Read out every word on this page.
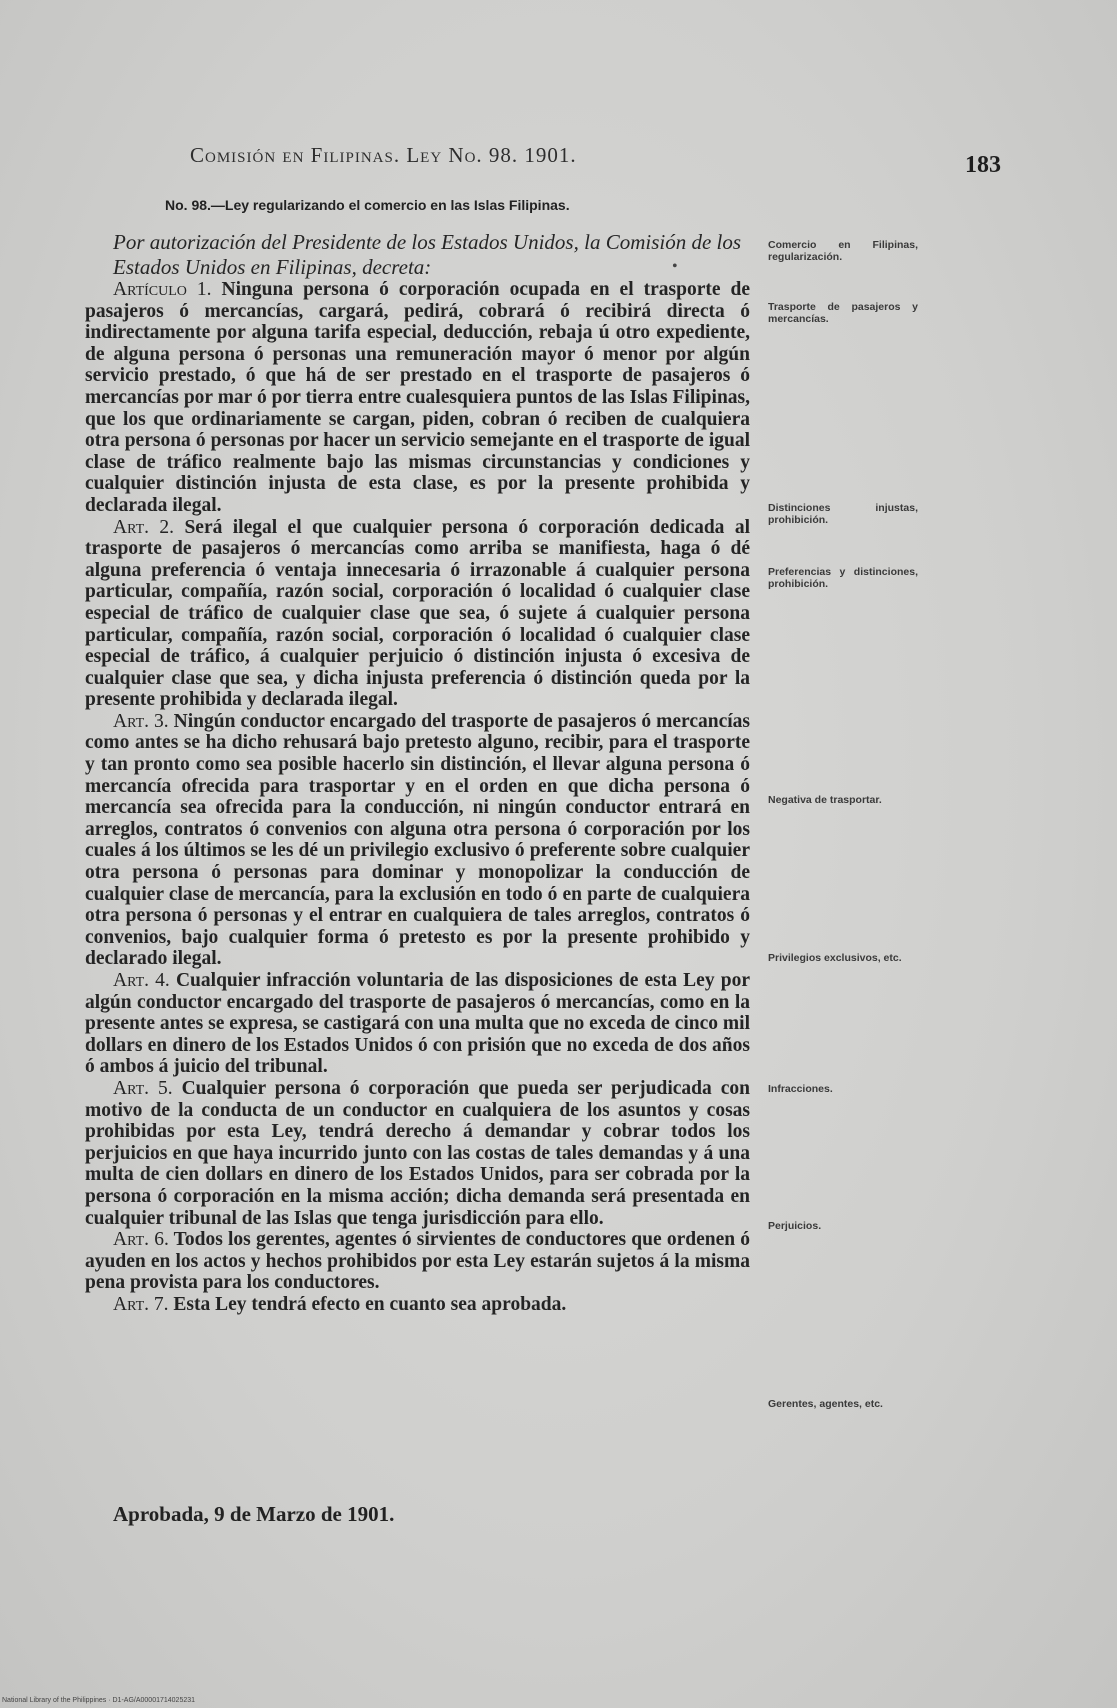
Comisión en Filipinas. Ley No. 98. 1901.	183
No. 98.—Ley regularizando el comercio en las Islas Filipinas.
Por autorización del Presidente de los Estados Unidos, la Comisión de los Estados Unidos en Filipinas, decreta:	•

Artículo 1. Ninguna persona ó corporación ocupada en el trasporte de pasajeros ó mercancías, cargará, pedirá, cobrará ó recibirá directa ó indirectamente por alguna tarifa especial, deducción, rebaja ú otro expediente, de alguna persona ó personas una remuneración mayor ó menor por algún servicio prestado, ó que há de ser prestado en el trasporte de pasajeros ó mercancías por mar ó por tierra entre cualesquiera puntos de las Islas Filipinas, que los que ordinariamente se cargan, piden, cobran ó reciben de cualquiera otra persona ó personas por hacer un servicio semejante en el trasporte de igual clase de tráfico realmente bajo las mismas circunstancias y condiciones y cualquier distinción injusta de esta clase, es por la presente prohibida y declarada ilegal.

Art. 2. Será ilegal el que cualquier persona ó corporación dedicada al trasporte de pasajeros ó mercancías como arriba se manifiesta, haga ó dé alguna preferencia ó ventaja innecesaria ó irrazonable á cualquier persona particular, compañía, razón social, corporación ó localidad ó cualquier clase especial de tráfico de cualquier clase que sea, ó sujete á cualquier persona particular, compañía, razón social, corporación ó localidad ó cualquier clase especial de tráfico, á cualquier perjuicio ó distinción injusta ó excesiva de cualquier clase que sea, y dicha injusta preferencia ó distinción queda por la presente prohibida y declarada ilegal.

Art. 3. Ningún conductor encargado del trasporte de pasajeros ó mercancías como antes se ha dicho rehusará bajo pretesto alguno, recibir, para el trasporte y tan pronto como sea posible hacerlo sin distinción, el llevar alguna persona ó mercancía ofrecida para trasportar y en el orden en que dicha persona ó mercancía sea ofrecida para la conducción, ni ningún conductor entrará en arreglos, contratos ó convenios con alguna otra persona ó corporación por los cuales á los últimos se les dé un privilegio exclusivo ó preferente sobre cualquier otra persona ó personas para dominar y monopolizar la conducción de cualquier clase de mercancía, para la exclusión en todo ó en parte de cualquiera otra persona ó personas y el entrar en cualquiera de tales arreglos, contratos ó convenios, bajo cualquier forma ó pretesto es por la presente prohibido y declarado ilegal.

Art. 4. Cualquier infracción voluntaria de las disposiciones de esta Ley por algún conductor encargado del trasporte de pasajeros ó mercancías, como en la presente antes se expresa, se castigará con una multa que no exceda de cinco mil dollars en dinero de los Estados Unidos ó con prisión que no exceda de dos años ó ambos á juicio del tribunal.

Art. 5. Cualquier persona ó corporación que pueda ser perjudicada con motivo de la conducta de un conductor en cualquiera de los asuntos y cosas prohibidas por esta Ley, tendrá derecho á demandar y cobrar todos los perjuicios en que haya incurrido junto con las costas de tales demandas y á una multa de cien dollars en dinero de los Estados Unidos, para ser cobrada por la persona ó corporación en la misma acción; dicha demanda será presentada en cualquier tribunal de las Islas que tenga jurisdicción para ello.

Art. 6. Todos los gerentes, agentes ó sirvientes de conductores que ordenen ó ayuden en los actos y hechos prohibidos por esta Ley estarán sujetos á la misma pena provista para los conductores.

Art. 7. Esta Ley tendrá efecto en cuanto sea aprobada.

Aprobada, 9 de Marzo de 1901.
Comercio en Filipinas, regularización.
Trasporte de pasajeros y mercancías.
Distinciones injustas, prohibición.
Preferencias y distinciones, prohibición.
Negativa de trasportar.
Privilegios exclusivos, etc.
Infracciones.
Perjuicios.
Gerentes, agentes, etc.
National Library of the Philippines · D1-AG/A00001714025231
